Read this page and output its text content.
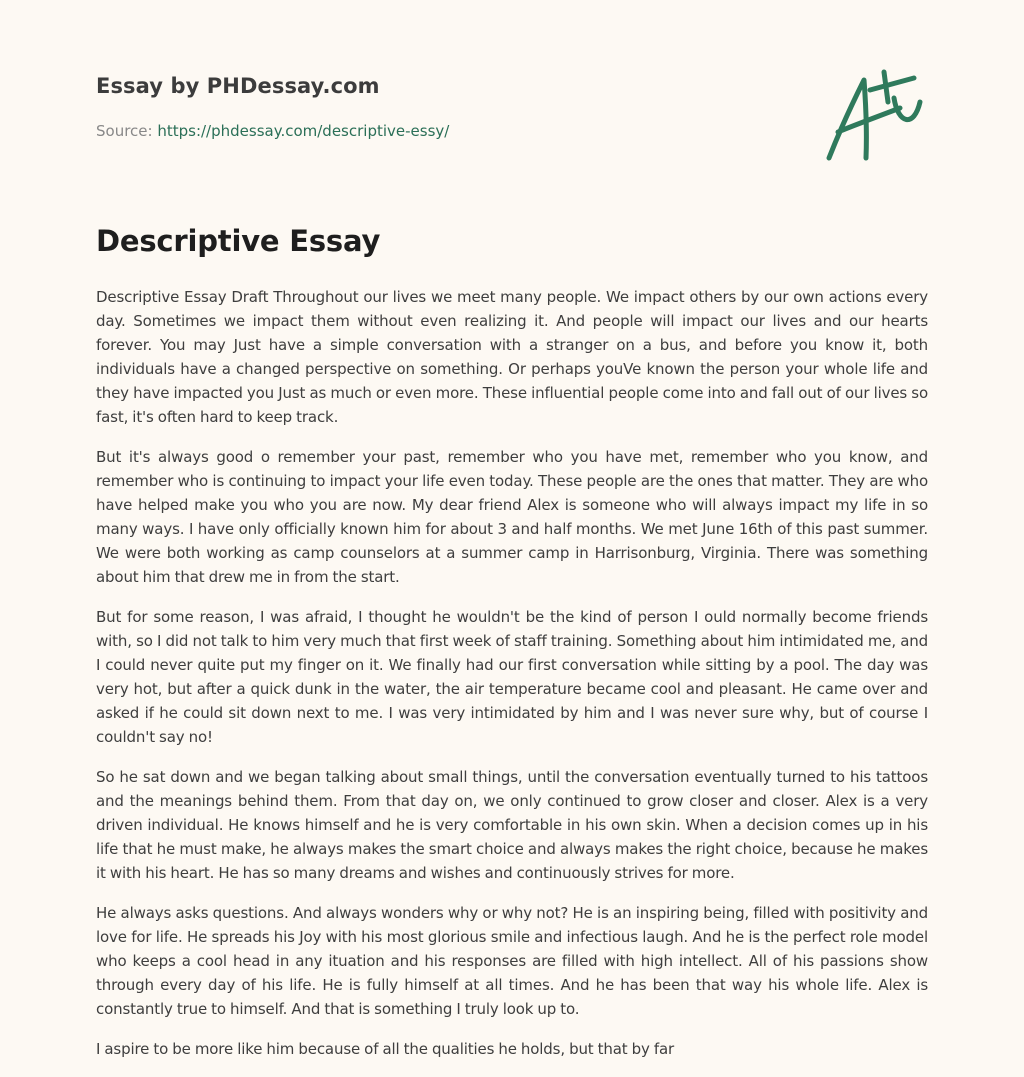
Essay by PHDessay.com
Source: https://phdessay.com/descriptive-essy/
Descriptive Essay

Descriptive Essay Draft Throughout our lives we meet many people. We impact others by our own actions every day. Sometimes we impact them without even realizing it. And people will impact our lives and our hearts forever. You may Just have a simple conversation with a stranger on a bus, and before you know it, both individuals have a changed perspective on something. Or perhaps youVe known the person your whole life and they have impacted you Just as much or even more. These influential people come into and fall out of our lives so fast, it's often hard to keep track.

But it's always good o remember your past, remember who you have met, remember who you know, and remember who is continuing to impact your life even today. These people are the ones that matter. They are who have helped make you who you are now. My dear friend Alex is someone who will always impact my life in so many ways. I have only officially known him for about 3 and half months. We met June 16th of this past summer. We were both working as camp counselors at a summer camp in Harrisonburg, Virginia. There was something about him that drew me in from the start.

But for some reason, I was afraid, I thought he wouldn't be the kind of person I ould normally become friends with, so I did not talk to him very much that first week of staff training. Something about him intimidated me, and I could never quite put my finger on it. We finally had our first conversation while sitting by a pool. The day was very hot, but after a quick dunk in the water, the air temperature became cool and pleasant. He came over and asked if he could sit down next to me. I was very intimidated by him and I was never sure why, but of course I couldn't say no!

So he sat down and we began talking about small things, until the conversation eventually turned to his tattoos and the meanings behind them. From that day on, we only continued to grow closer and closer. Alex is a very driven individual. He knows himself and he is very comfortable in his own skin. When a decision comes up in his life that he must make, he always makes the smart choice and always makes the right choice, because he makes it with his heart. He has so many dreams and wishes and continuously strives for more.

He always asks questions. And always wonders why or why not? He is an inspiring being, filled with positivity and love for life. He spreads his Joy with his most glorious smile and infectious laugh. And he is the perfect role model who keeps a cool head in any ituation and his responses are filled with high intellect. All of his passions show through every day of his life. He is fully himself at all times. And he has been that way his whole life. Alex is constantly true to himself. And that is something I truly look up to.

I aspire to be more like him because of all the qualities he holds, but that by far
